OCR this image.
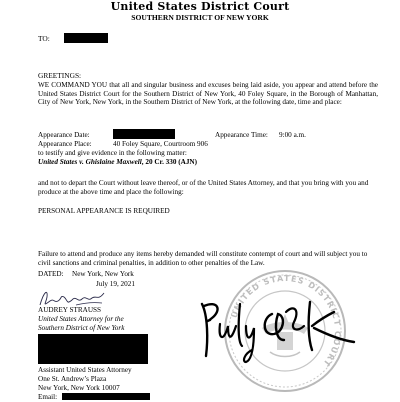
United States District Court
SOUTHERN DISTRICT OF NEW YORK
TO:
GREETINGS:
WE COMMAND YOU that all and singular business and excuses being laid aside, you appear and attend before the United States District Court for the Southern District of New York, 40 Foley Square, in the Borough of Manhattan, City of New York, New York, in the Southern District of New York, at the following date, time and place:
Appearance Date:	Appearance Time: 9:00 a.m.
Appearance Place:	40 Foley Square, Courtroom 906
to testify and give evidence in the following matter:
United States v. Ghislaine Maxwell, 20 Cr. 330 (AJN)
and not to depart the Court without leave thereof, or of the United States Attorney, and that you bring with you and produce at the above time and place the following:
PERSONAL APPEARANCE IS REQUIRED
Failure to attend and produce any items hereby demanded will constitute contempt of court and will subject you to civil sanctions and criminal penalties, in addition to other penalties of the Law.
DATED: New York, New York
July 19, 2021
AUDREY STRAUSS
United States Attorney for the
Southern District of New York
Assistant United States Attorney
One St. Andrew’s Plaza
New York, New York 10007
Email:
UNITED STATES DISTRICT COURT
